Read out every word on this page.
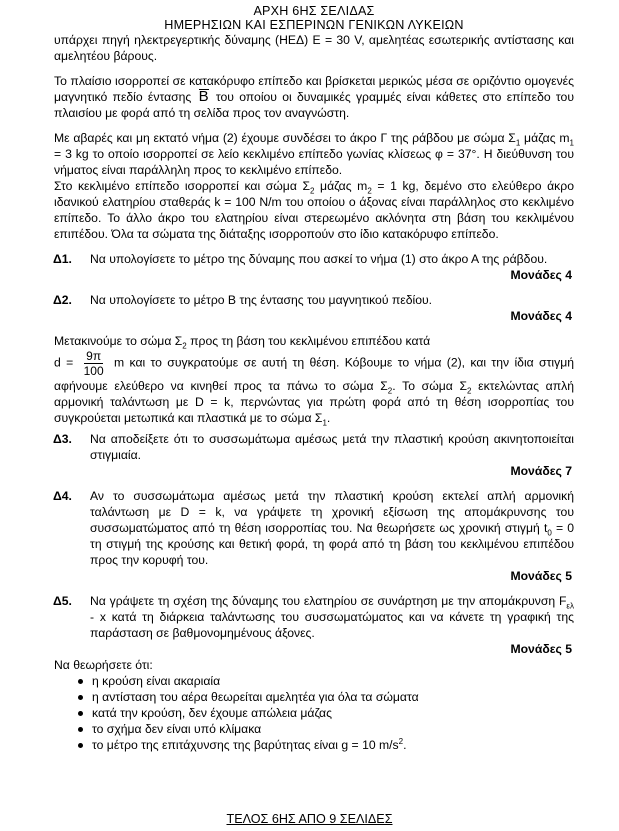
ΑΡΧΗ 6ΗΣ ΣΕΛΙΔΑΣ
ΗΜΕΡΗΣΙΩΝ ΚΑΙ ΕΣΠΕΡΙΝΩΝ ΓΕΝΙΚΩΝ ΛΥΚΕΙΩΝ

υπάρχει πηγή ηλεκτρεγερτικής δύναμης (ΗΕΔ) Ε = 30 V, αμελητέας εσωτερικής αντίστασης και αμελητέου βάρους.

Το πλαίσιο ισορροπεί σε κατακόρυφο επίπεδο και βρίσκεται μερικώς μέσα σε οριζόντιο ομογενές μαγνητικό πεδίο έντασης B του οποίου οι δυναμικές γραμμές είναι κάθετες στο επίπεδο του πλαισίου με φορά από τη σελίδα προς τον αναγνώστη.

Με αβαρές και μη εκτατό νήμα (2) έχουμε συνδέσει το άκρο Γ της ράβδου με σώμα $\Sigma_1$ μάζας $m_1 = 3$ kg το οποίο ισορροπεί σε λείο κεκλιμένο επίπεδο γωνίας κλίσεως φ = 37°. Η διεύθυνση του νήματος είναι παράλληλη προς το κεκλιμένο επίπεδο.

Στο κεκλιμένο επίπεδο ισορροπεί και σώμα $\Sigma_2$ μάζας $m_2 = 1$ kg, δεμένο στο ελεύθερο άκρο ιδανικού ελατηρίου σταθεράς k = 100 N/m του οποίου ο άξονας είναι παράλληλος στο κεκλιμένο επίπεδο. Το άλλο άκρο του ελατηρίου είναι στερεωμένο ακλόνητα στη βάση του κεκλιμένου επιπέδου. Όλα τα σώματα της διάταξης ισορροπούν στο ίδιο κατακόρυφο επίπεδο.

Δ1.	Να υπολογίσετε το μέτρο της δύναμης που ασκεί το νήμα (1) στο άκρο Α της ράβδου.
Μονάδες 4
Δ2.	Να υπολογίσετε το μέτρο Β της έντασης του μαγνητικού πεδίου.
Μονάδες 4

Μετακινούμε το σώμα $\Sigma_2$ προς τη βάση του κεκλιμένου επιπέδου κατά
$d = \frac{9\pi}{100}$ m και το συγκρατούμε σε αυτή τη θέση. Κόβουμε το νήμα (2), και την ίδια στιγμή αφήνουμε ελεύθερο να κινηθεί προς τα πάνω το σώμα $\Sigma_2$. Το σώμα $\Sigma_2$ εκτελώντας απλή αρμονική ταλάντωση με D = k, περνώντας για πρώτη φορά από τη θέση ισορροπίας του συγκρούεται μετωπικά και πλαστικά με το σώμα $\Sigma_1$.

Δ3.	Να αποδείξετε ότι το συσσωμάτωμα αμέσως μετά την πλαστική κρούση ακινητοποιείται στιγμιαία.
Μονάδες 7
Δ4.	Αν το συσσωμάτωμα αμέσως μετά την πλαστική κρούση εκτελεί απλή αρμονική ταλάντωση με D = k, να γράψετε τη χρονική εξίσωση της απομάκρυνσης του συσσωματώματος από τη θέση ισορροπίας του. Να θεωρήσετε ως χρονική στιγμή $t_0 = 0$ τη στιγμή της κρούσης και θετική φορά, τη φορά από τη βάση του κεκλιμένου επιπέδου προς την κορυφή του.
Μονάδες 5
Δ5.	Να γράψετε τη σχέση της δύναμης του ελατηρίου σε συνάρτηση με την απομάκρυνση $F_{\varepsilon\lambda}$ - x κατά τη διάρκεια ταλάντωσης του συσσωματώματος και να κάνετε τη γραφική της παράσταση σε βαθμονομημένους άξονες.
Μονάδες 5
Να θεωρήσετε ότι:
η κρούση είναι ακαριαία
η αντίσταση του αέρα θεωρείται αμελητέα για όλα τα σώματα
κατά την κρούση, δεν έχουμε απώλεια μάζας
το σχήμα δεν είναι υπό κλίμακα
το μέτρο της επιτάχυνσης της βαρύτητας είναι g = 10 $m/s^2$.
ΤΕΛΟΣ 6ΗΣ ΑΠΟ 9 ΣΕΛΙΔΕΣ
